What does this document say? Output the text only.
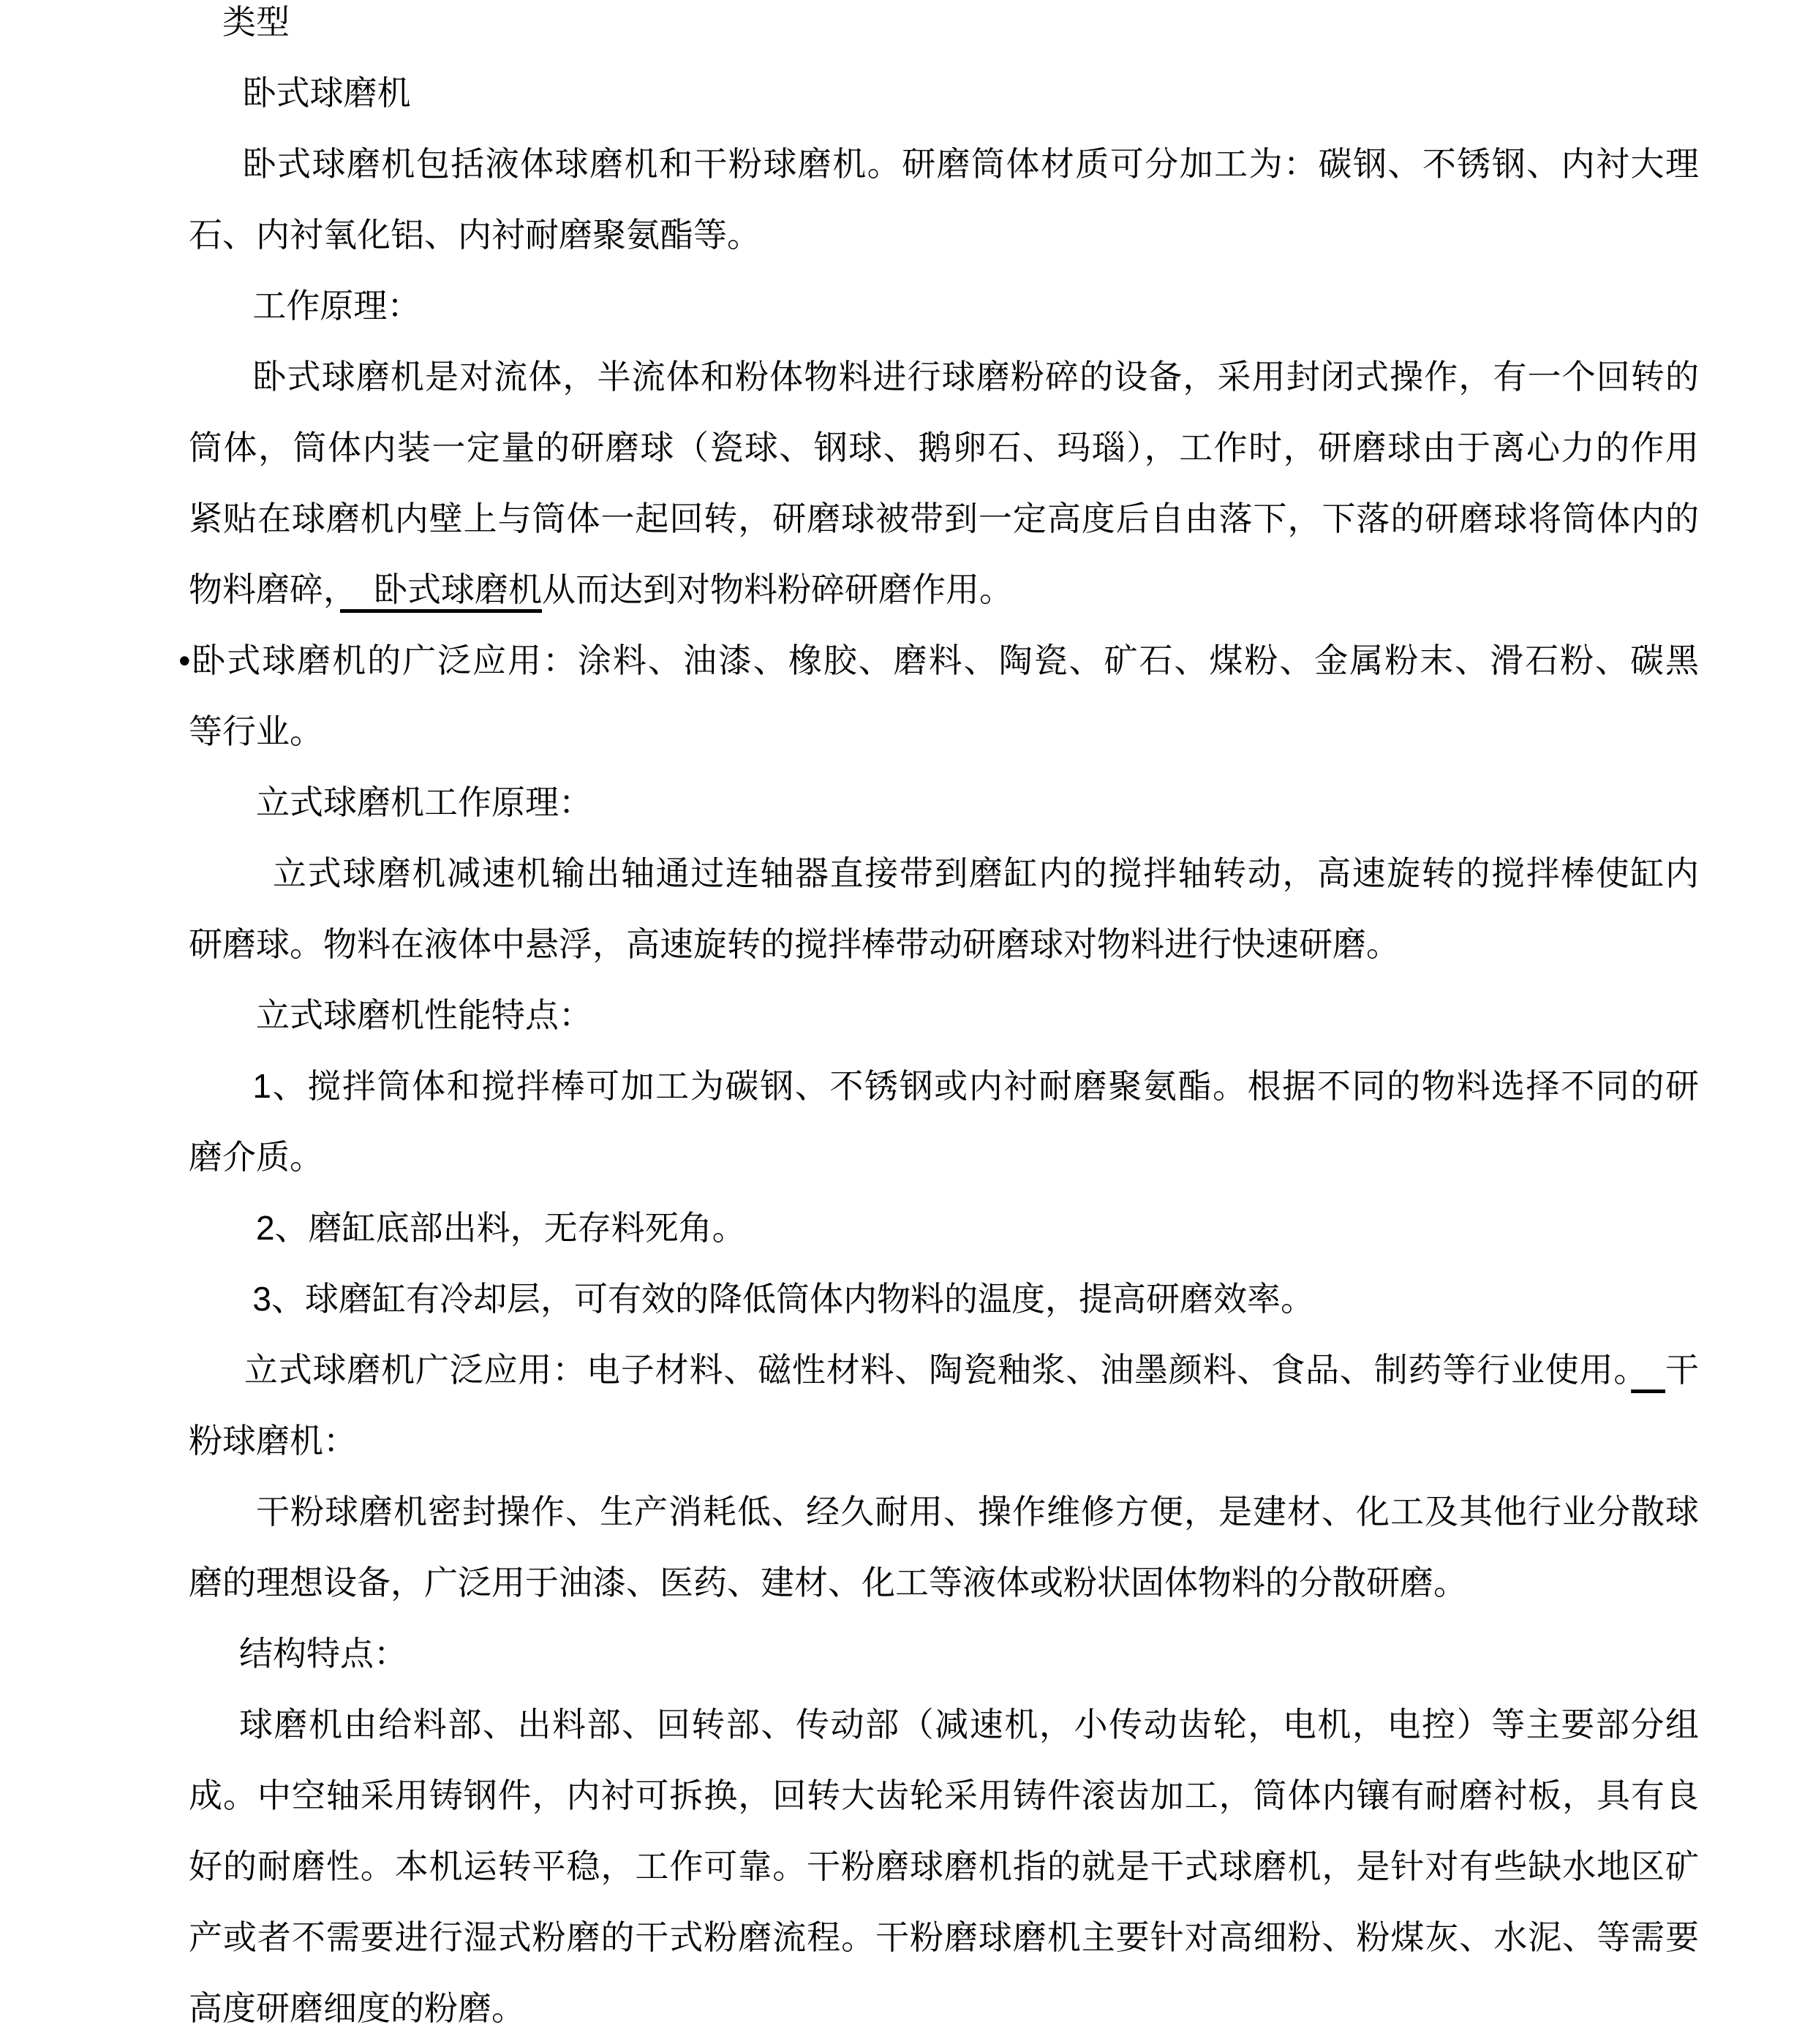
类型
卧式球磨机
卧式球磨机包括液体球磨机和干粉球磨机。研磨筒体材质可分加工为：碳钢、不锈钢、内衬大理
石、内衬氧化铝、内衬耐磨聚氨酯等。
工作原理：
卧式球磨机是对流体，半流体和粉体物料进行球磨粉碎的设备，采用封闭式操作，有一个回转的
筒体，筒体内装一定量的研磨球（瓷球、钢球、鹅卵石、玛瑙），工作时，研磨球由于离心力的作用
紧贴在球磨机内壁上与筒体一起回转，研磨球被带到一定高度后自由落下，下落的研磨球将筒体内的
物料磨碎，　卧式球磨机从而达到对物料粉碎研磨作用。
•卧式球磨机的广泛应用：涂料、油漆、橡胶、磨料、陶瓷、矿石、煤粉、金属粉末、滑石粉、碳黑
等行业。
立式球磨机工作原理：
立式球磨机减速机输出轴通过连轴器直接带到磨缸内的搅拌轴转动，高速旋转的搅拌棒使缸内
研磨球。物料在液体中悬浮，高速旋转的搅拌棒带动研磨球对物料进行快速研磨。
立式球磨机性能特点：
1、搅拌筒体和搅拌棒可加工为碳钢、不锈钢或内衬耐磨聚氨酯。根据不同的物料选择不同的研
磨介质。
2、磨缸底部出料，无存料死角。
3、球磨缸有冷却层，可有效的降低筒体内物料的温度，提高研磨效率。
立式球磨机广泛应用：电子材料、磁性材料、陶瓷釉浆、油墨颜料、食品、制药等行业使用。　 干
粉球磨机：
干粉球磨机密封操作、生产消耗低、经久耐用、操作维修方便，是建材、化工及其他行业分散球
磨的理想设备，广泛用于油漆、医药、建材、化工等液体或粉状固体物料的分散研磨。
结构特点：
球磨机由给料部、出料部、回转部、传动部（减速机，小传动齿轮，电机，电控）等主要部分组
成。中空轴采用铸钢件，内衬可拆换，回转大齿轮采用铸件滚齿加工，筒体内镶有耐磨衬板，具有良
好的耐磨性。本机运转平稳，工作可靠。干粉磨球磨机指的就是干式球磨机，是针对有些缺水地区矿
产或者不需要进行湿式粉磨的干式粉磨流程。干粉磨球磨机主要针对高细粉、粉煤灰、水泥、等需要
高度研磨细度的粉磨。
